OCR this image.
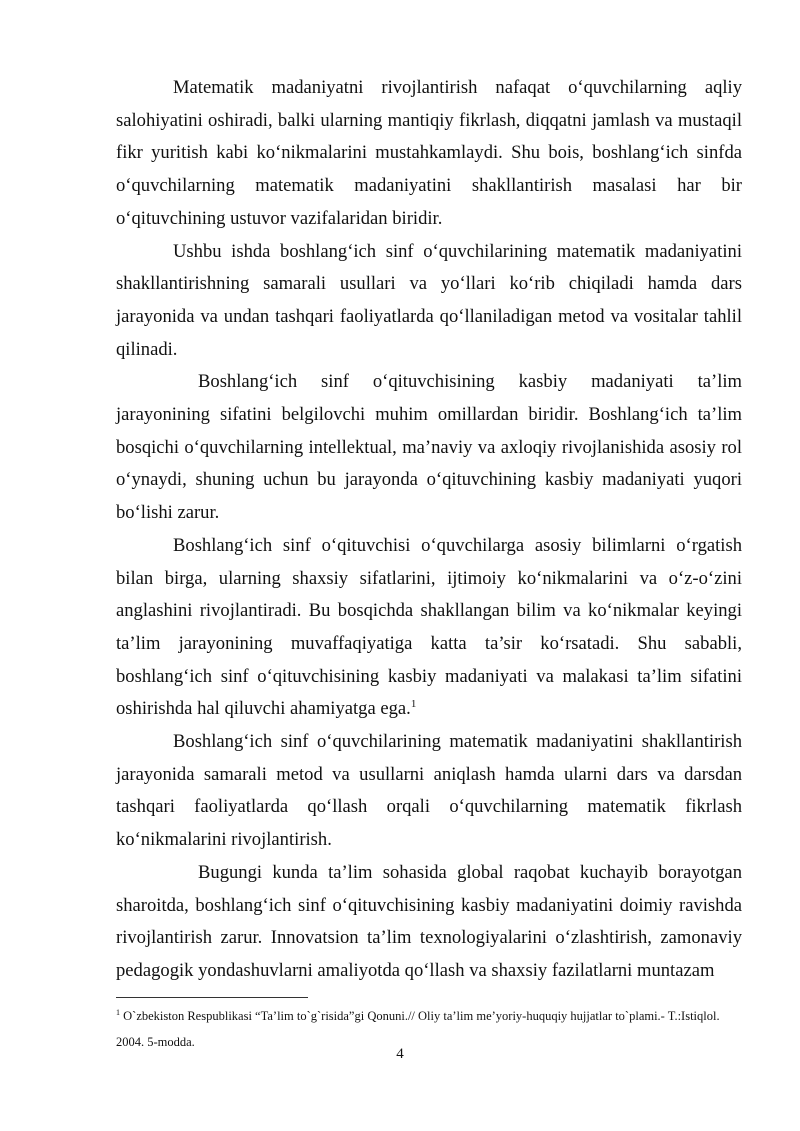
Matematik madaniyatni rivojlantirish nafaqat o‘quvchilarning aqliy salohiyatini oshiradi, balki ularning mantiqiy fikrlash, diqqatni jamlash va mustaqil fikr yuritish kabi ko‘nikmalarini mustahkamlaydi. Shu bois, boshlang‘ich sinfda o‘quvchilarning matematik madaniyatini shakllantirish masalasi har bir o‘qituvchining ustuvor vazifalaridan biridir.

Ushbu ishda boshlang‘ich sinf o‘quvchilarining matematik madaniyatini shakllantirishning samarali usullari va yo‘llari ko‘rib chiqiladi hamda dars jarayonida va undan tashqari faoliyatlarda qo‘llaniladigan metod va vositalar tahlil qilinadi.

Boshlang‘ich sinf o‘qituvchisining kasbiy madaniyati ta’lim jarayonining sifatini belgilovchi muhim omillardan biridir. Boshlang‘ich ta’lim bosqichi o‘quvchilarning intellektual, ma’naviy va axloqiy rivojlanishida asosiy rol o‘ynaydi, shuning uchun bu jarayonda o‘qituvchining kasbiy madaniyati yuqori bo‘lishi zarur.

Boshlang‘ich sinf o‘qituvchisi o‘quvchilarga asosiy bilimlarni o‘rgatish bilan birga, ularning shaxsiy sifatlarini, ijtimoiy ko‘nikmalarini va o‘z-o‘zini anglashini rivojlantiradi. Bu bosqichda shakllangan bilim va ko‘nikmalar keyingi ta’lim jarayonining muvaffaqiyatiga katta ta’sir ko‘rsatadi. Shu sababli, boshlang‘ich sinf o‘qituvchisining kasbiy madaniyati va malakasi ta’lim sifatini oshirishda hal qiluvchi ahamiyatga ega.$^1$

Boshlang‘ich sinf o‘quvchilarining matematik madaniyatini shakllantirish jarayonida samarali metod va usullarni aniqlash hamda ularni dars va darsdan tashqari faoliyatlarda qo‘llash orqali o‘quvchilarning matematik fikrlash ko‘nikmalarini rivojlantirish.

Bugungi kunda ta’lim sohasida global raqobat kuchayib borayotgan sharoitda, boshlang‘ich sinf o‘qituvchisining kasbiy madaniyatini doimiy ravishda rivojlantirish zarur. Innovatsion ta’lim texnologiyalarini o‘zlashtirish, zamonaviy pedagogik yondashuvlarni amaliyotda qo‘llash va shaxsiy fazilatlarni muntazam

$^1$ O`zbekiston Respublikasi “Ta’lim to`g`risida”gi Qonuni.// Oliy ta’lim me’yoriy-huquqiy hujjatlar to`plami.- T.:Istiqlol. 2004. 5-modda.

4
